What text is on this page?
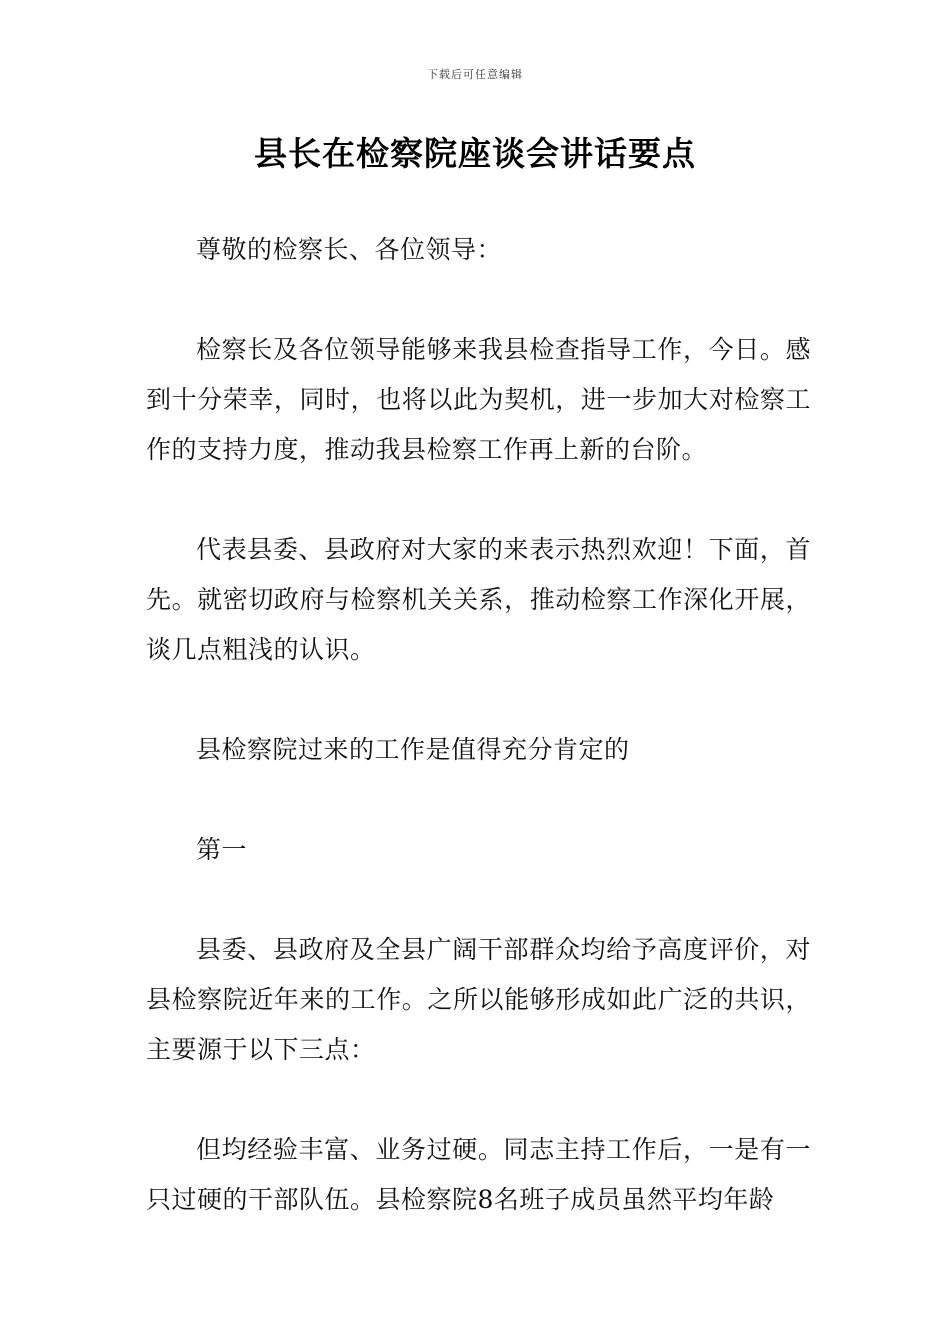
下载后可任意编辑
县长在检察院座谈会讲话要点

尊敬的检察长、各位领导：

检察长及各位领导能够来我县检查指导工作，今日。感到十分荣幸，同时，也将以此为契机，进一步加大对检察工作的支持力度，推动我县检察工作再上新的台阶。

代表县委、县政府对大家的来表示热烈欢迎！下面，首先。就密切政府与检察机关关系，推动检察工作深化开展，谈几点粗浅的认识。

县检察院过来的工作是值得充分肯定的

第一

县委、县政府及全县广阔干部群众均给予高度评价，对县检察院近年来的工作。之所以能够形成如此广泛的共识，主要源于以下三点：

但均经验丰富、业务过硬。同志主持工作后，一是有一只过硬的干部队伍。县检察院8名班子成员虽然平均年龄
